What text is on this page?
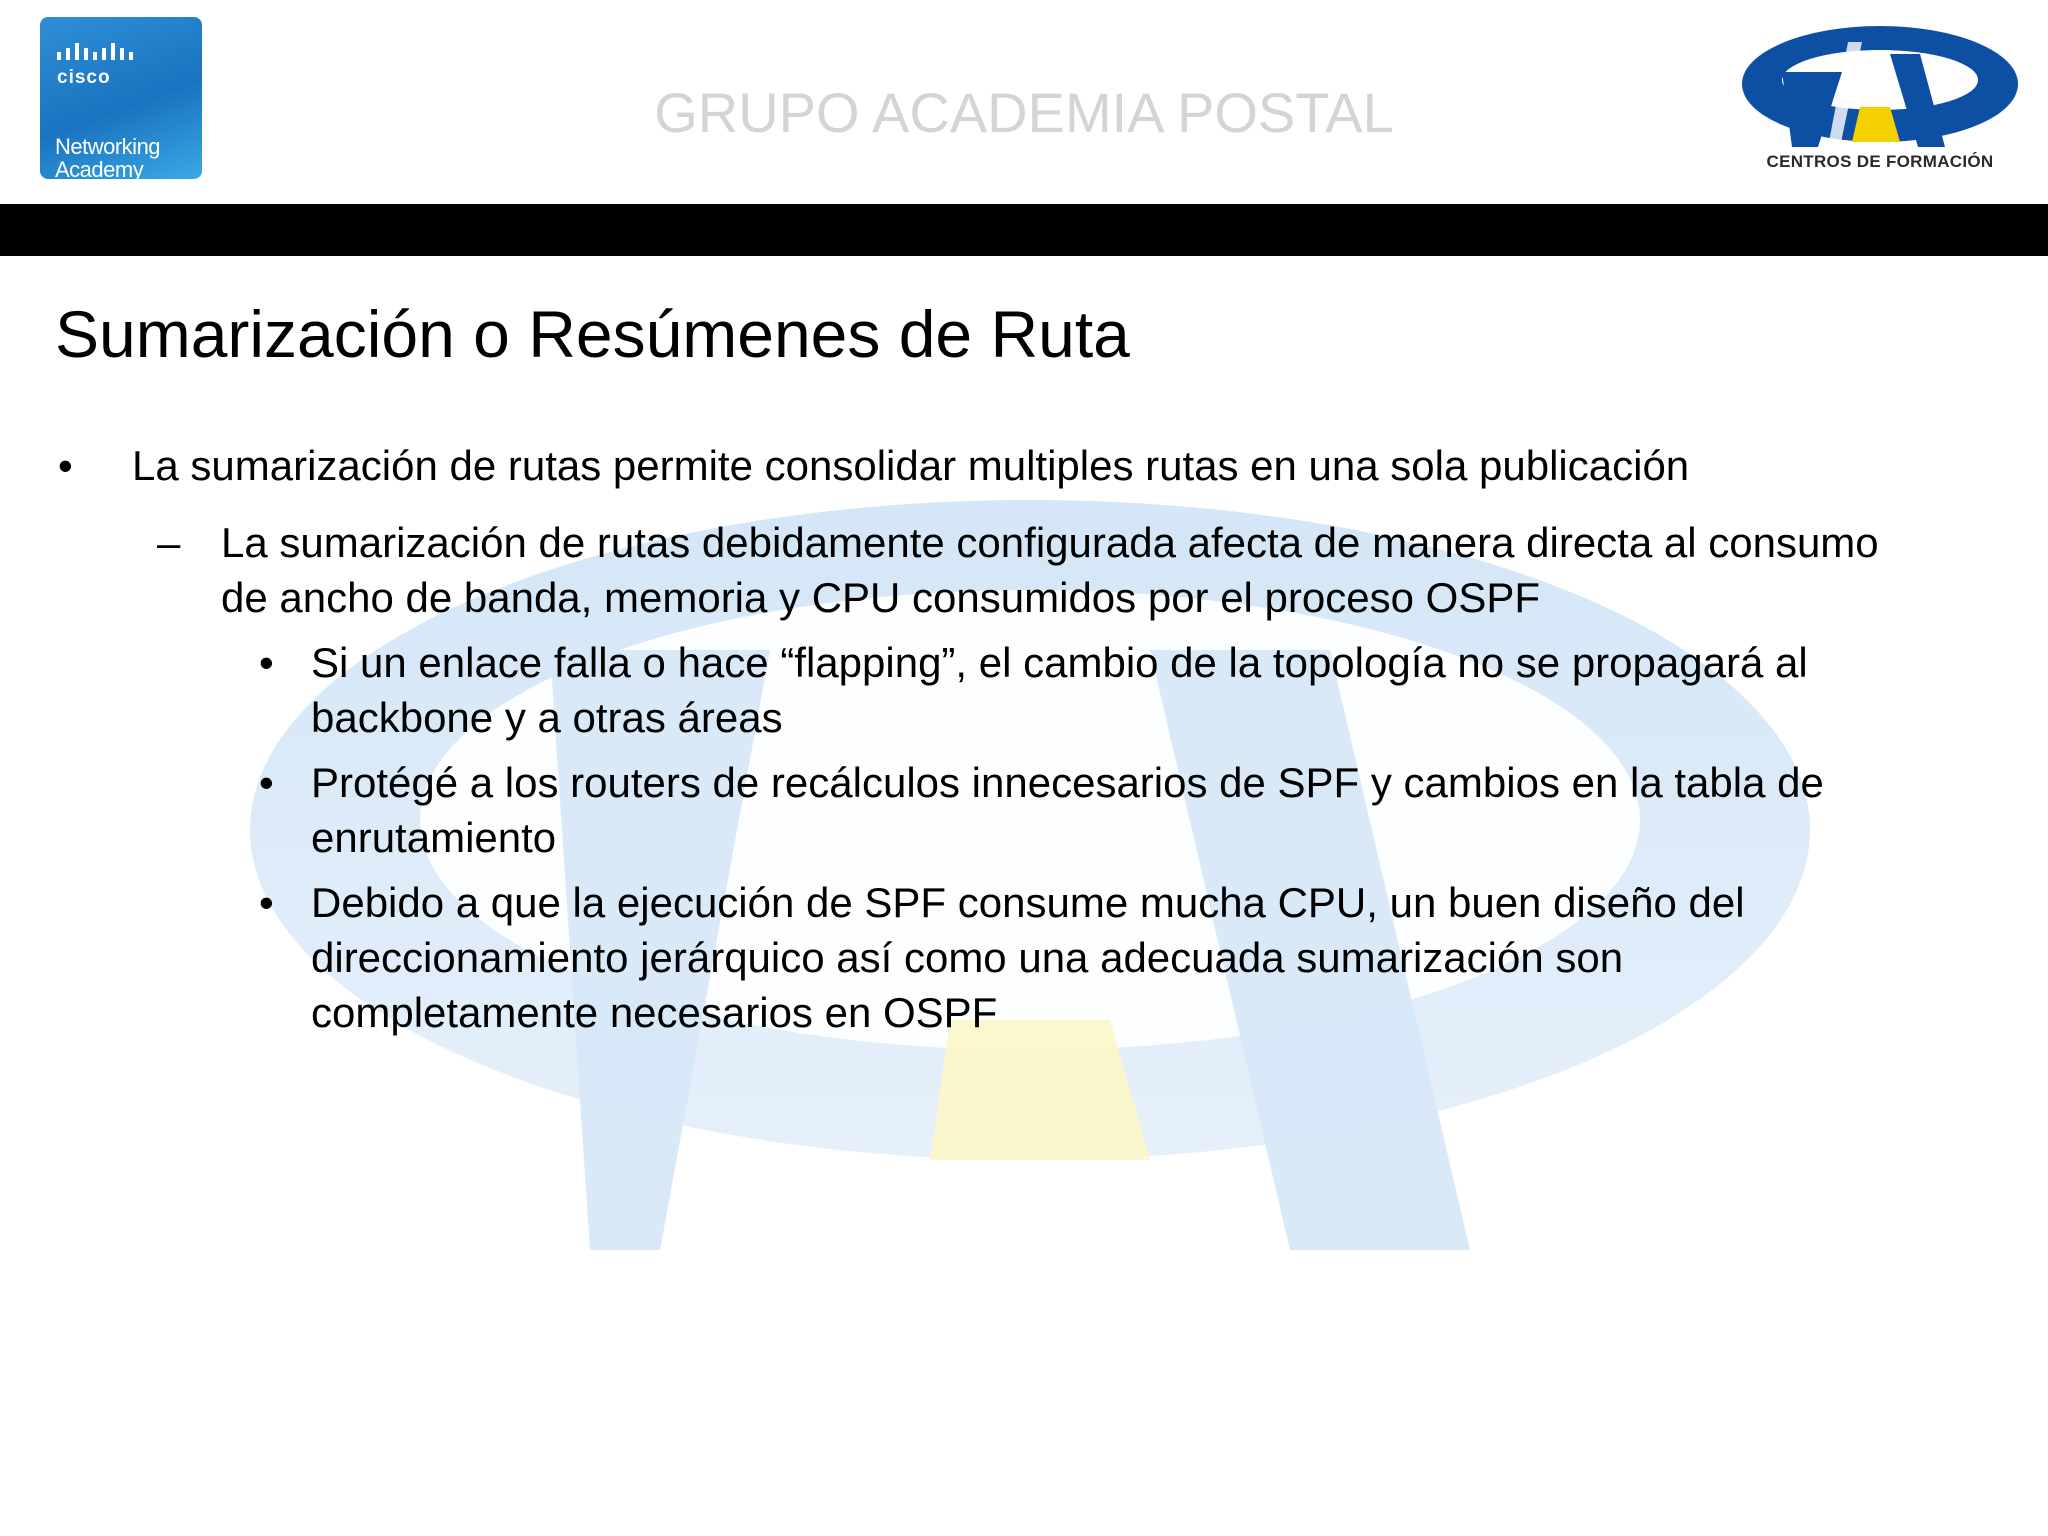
cisco
Networking Academy
GRUPO ACADEMIA POSTAL
CENTROS DE FORMACIÓN
Sumarización o Resúmenes de Ruta
• La sumarización de rutas permite consolidar multiples rutas en una sola publicación
– La sumarización de rutas debidamente configurada afecta de manera directa al consumo de ancho de banda, memoria y CPU consumidos por el proceso OSPF
• Si un enlace falla o hace “flapping”, el cambio de la topología no se propagará al backbone y a otras áreas
• Protégé a los routers de recálculos innecesarios de SPF y cambios en la tabla de enrutamiento
• Debido a que la ejecución de SPF consume mucha CPU, un buen diseño del direccionamiento jerárquico así como una adecuada sumarización son completamente necesarios en OSPF
